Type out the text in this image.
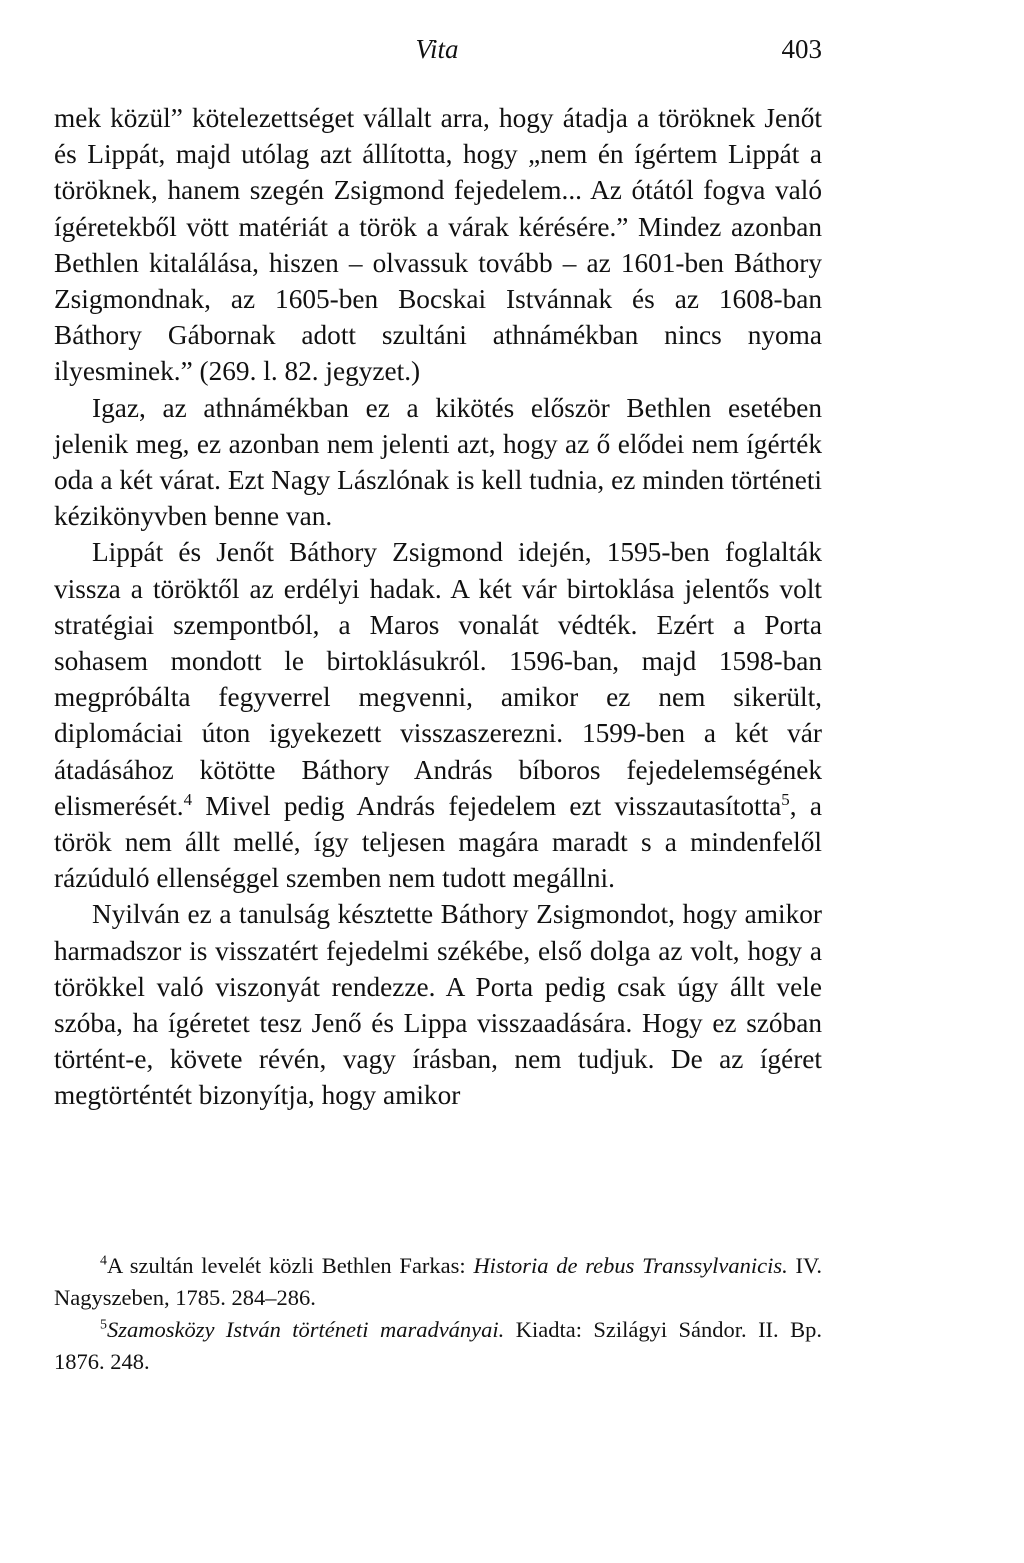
Vita	403

mek közül” kötelezettséget vállalt arra, hogy átadja a töröknek Jenőt és Lippát, majd utólag azt állította, hogy „nem én ígértem Lippát a töröknek, hanem szegén Zsigmond fejedelem... Az ótától fogva való ígéretekből vött matériát a török a várak kérésére.” Mindez azonban Bethlen kitalálása, hiszen – olvassuk tovább – az 1601-ben Báthory Zsigmondnak, az 1605-ben Bocskai Istvánnak és az 1608-ban Báthory Gábornak adott szultáni athnámékban nincs nyoma ilyesminek.” (269. l. 82. jegyzet.)

Igaz, az athnámékban ez a kikötés először Bethlen esetében jelenik meg, ez azonban nem jelenti azt, hogy az ő elődei nem ígérték oda a két várat. Ezt Nagy Lászlónak is kell tudnia, ez minden történeti kézikönyvben benne van.

Lippát és Jenőt Báthory Zsigmond idején, 1595-ben foglalták vissza a töröktől az erdélyi hadak. A két vár birtoklása jelentős volt stratégiai szempontból, a Maros vonalát védték. Ezért a Porta sohasem mondott le birtoklásukról. 1596-ban, majd 1598-ban megpróbálta fegyverrel megvenni, amikor ez nem sikerült, diplomáciai úton igyekezett visszaszerezni. 1599-ben a két vár átadásához kötötte Báthory András bíboros fejedelemségének elismerését.$^4$ Mivel pedig András fejedelem ezt visszautasította$^5$, a török nem állt mellé, így teljesen magára maradt s a mindenfelől rázúduló ellenséggel szemben nem tudott megállni.

Nyilván ez a tanulság késztette Báthory Zsigmondot, hogy amikor harmadszor is visszatért fejedelmi székébe, első dolga az volt, hogy a törökkel való viszonyát rendezze. A Porta pedig csak úgy állt vele szóba, ha ígéretet tesz Jenő és Lippa visszaadására. Hogy ez szóban történt-e, követe révén, vagy írásban, nem tudjuk. De az ígéret megtörténtét bizonyítja, hogy amikor

$^4$A szultán levelét közli Bethlen Farkas: Historia de rebus Transsylvanicis. IV. Nagyszeben, 1785. 284–286.

$^5$Szamosközy István történeti maradványai. Kiadta: Szilágyi Sándor. II. Bp. 1876. 248.
